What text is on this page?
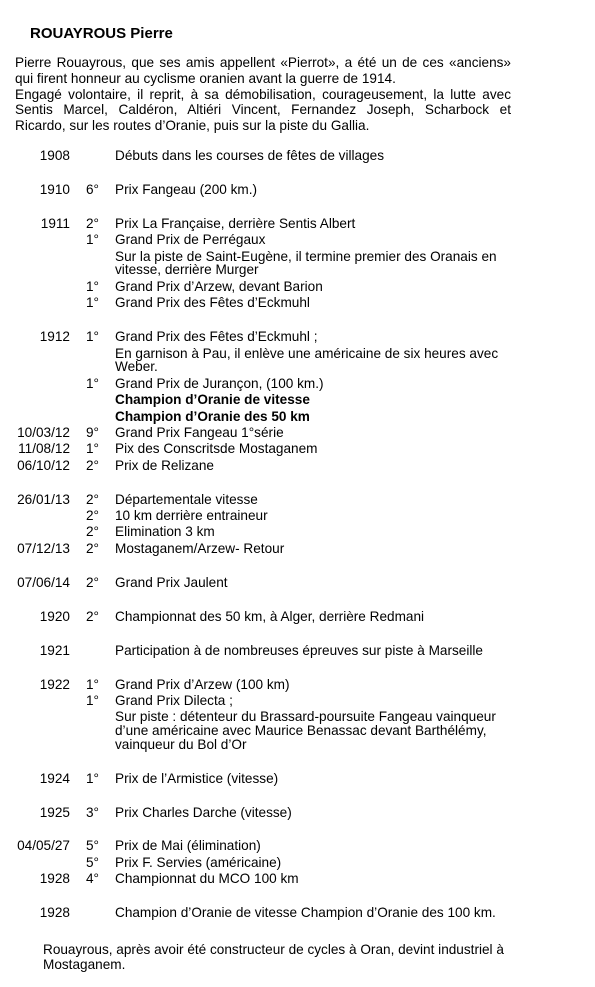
ROUAYROUS Pierre

Pierre Rouayrous, que ses amis appellent «Pierrot», a été un de ces «anciens» qui firent honneur au cyclisme oranien avant la guerre de 1914.

Engagé volontaire, il reprit, à sa démobilisation, courageusement, la lutte avec Sentis Marcel, Caldéron, Altiéri Vincent, Fernandez Joseph, Scharbock et Ricardo, sur les routes d’Oranie, puis sur la piste du Gallia.

1908	Débuts dans les courses de fêtes de villages
1910 6° Prix Fangeau (200 km.)
1911 2° Prix La Française, derrière Sentis Albert
1° Grand Prix de Perrégaux
Sur la piste de Saint-Eugène, il termine premier des Oranais en vitesse, derrière Murger
1° Grand Prix d’Arzew, devant Barion
1° Grand Prix des Fêtes d’Eckmuhl
1912 1° Grand Prix des Fêtes d’Eckmuhl ;
En garnison à Pau, il enlève une américaine de six heures avec Weber.
1° Grand Prix de Jurançon, (100 km.)
Champion d’Oranie de vitesse
Champion d’Oranie des 50 km
10/03/12 9° Grand Prix Fangeau 1°série
11/08/12 1° Pix des Conscritsde Mostaganem
06/10/12 2° Prix de Relizane
26/01/13 2° Départementale vitesse
2° 10 km derrière entraineur
2° Elimination 3 km
07/12/13 2° Mostaganem/Arzew- Retour
07/06/14 2° Grand Prix Jaulent
1920 2° Championnat des 50 km, à Alger, derrière Redmani
1921	Participation à de nombreuses épreuves sur piste à Marseille
1922 1° Grand Prix d’Arzew (100 km)
1° Grand Prix Dilecta ;
Sur piste : détenteur du Brassard-poursuite Fangeau vainqueur d’une américaine avec Maurice Benassac devant Barthélémy, vainqueur du Bol d’Or
1924 1° Prix de l’Armistice (vitesse)
1925 3° Prix Charles Darche (vitesse)
04/05/27 5° Prix de Mai (élimination)
5° Prix F. Servies (américaine)
1928 4° Championnat du MCO 100 km
1928	Champion d’Oranie de vitesse Champion d’Oranie des 100 km.
Rouayrous, après avoir été constructeur de cycles à Oran, devint industriel à Mostaganem.
